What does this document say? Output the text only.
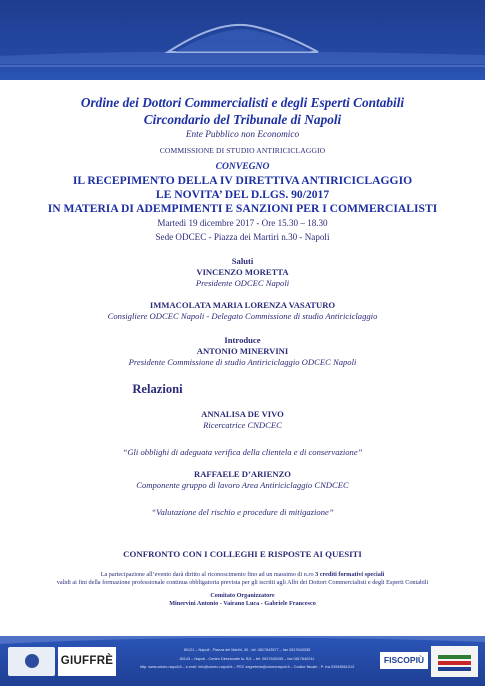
Ordine dei Dottori Commercialisti e degli Esperti Contabili
Circondario del Tribunale di Napoli
Ente Pubblico non Economico
COMMISSIONE DI STUDIO ANTIRICICLAGGIO
CONVEGNO
IL RECEPIMENTO DELLA IV DIRETTIVA ANTIRICICLAGGIO
LE NOVITA’ DEL D.LGS. 90/2017
IN MATERIA DI ADEMPIMENTI E SANZIONI PER I COMMERCIALISTI
Martedì 19 dicembre 2017 - Ore 15.30 – 18.30
Sede ODCEC - Piazza dei Martiri n.30 - Napoli
Saluti
VINCENZO MORETTA
Presidente ODCEC Napoli
IMMACOLATA MARIA LORENZA VASATURO
Consigliere ODCEC Napoli - Delegato Commissione di studio Antiriciclaggio
Introduce
ANTONIO MINERVINI
Presidente Commissione di studio Antiriciclaggio ODCEC Napoli
Relazioni
ANNALISA DE VIVO
Ricercatrice CNDCEC
“Gli obblighi di adeguata verifica della clientela e di conservazione”
RAFFAELE D’ARIENZO
Componente gruppo di lavoro Area Antiriciclaggio CNDCEC
“Valutazione del rischio e procedure di mitigazione”
CONFRONTO CON I COLLEGHI E RISPOSTE AI QUESITI
La partecipazione all’evento darà diritto al riconoscimento fino ad un massimo di n.ro 3 crediti formativi speciali
validi ai fini della formazione professionale continua obbligatoria prevista per gli iscritti agli Albi dei Dottori Commercialisti e degli Esperti Contabili
Comitato Organizzatore
Minervini Antonio - Vairano Luca - Gabriele Francesco
GIUFFRÈ
80121 – Napoli - Piazza dei Martiri, 30 - tel. 0817643577 – fax 0817643335
80143 – Napoli - Centro Direzionale Is. B/1 – tel. 0817640155 – fax 0817640211
http: www.odcec.napoli.it – e-mail: info@odcec.napoli.it – PEC segreteria@odcecnapoli.it – Codice fiscale - P. Iva 03945561213
FISCOPIÙ
